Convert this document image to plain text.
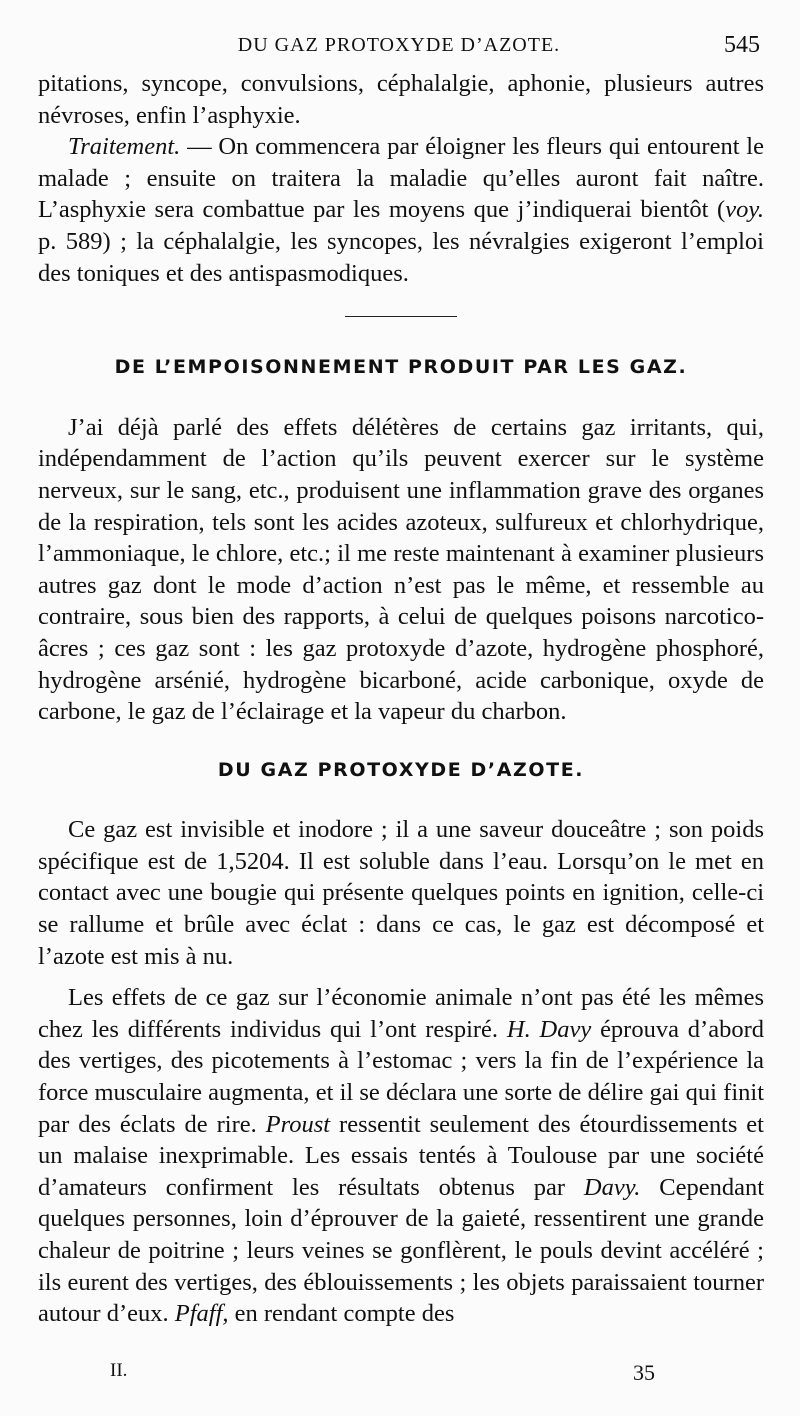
DU GAZ PROTOXYDE D’AZOTE.	545

pitations, syncope, convulsions, céphalalgie, aphonie, plusieurs autres névroses, enfin l’asphyxie.

Traitement. — On commencera par éloigner les fleurs qui entourent le malade ; ensuite on traitera la maladie qu’elles auront fait naître. L’asphyxie sera combattue par les moyens que j’indiquerai bientôt (voy. p. 589) ; la céphalalgie, les syncopes, les névralgies exigeront l’emploi des toniques et des antispasmodiques.

DE L’EMPOISONNEMENT PRODUIT PAR LES GAZ.

J’ai déjà parlé des effets délétères de certains gaz irritants, qui, indépendamment de l’action qu’ils peuvent exercer sur le système nerveux, sur le sang, etc., produisent une inflammation grave des organes de la respiration, tels sont les acides azoteux, sulfureux et chlorhydrique, l’ammoniaque, le chlore, etc.; il me reste maintenant à examiner plusieurs autres gaz dont le mode d’action n’est pas le même, et ressemble au contraire, sous bien des rapports, à celui de quelques poisons narcotico-âcres ; ces gaz sont : les gaz protoxyde d’azote, hydrogène phosphoré, hydrogène arsénié, hydrogène bicarboné, acide carbonique, oxyde de carbone, le gaz de l’éclairage et la vapeur du charbon.

DU GAZ PROTOXYDE D’AZOTE.

Ce gaz est invisible et inodore ; il a une saveur douceâtre ; son poids spécifique est de 1,5204. Il est soluble dans l’eau. Lorsqu’on le met en contact avec une bougie qui présente quelques points en ignition, celle-ci se rallume et brûle avec éclat : dans ce cas, le gaz est décomposé et l’azote est mis à nu.

Les effets de ce gaz sur l’économie animale n’ont pas été les mêmes chez les différents individus qui l’ont respiré. H. Davy éprouva d’abord des vertiges, des picotements à l’estomac ; vers la fin de l’expérience la force musculaire augmenta, et il se déclara une sorte de délire gai qui finit par des éclats de rire. Proust ressentit seulement des étourdissements et un malaise inexprimable. Les essais tentés à Toulouse par une société d’amateurs confirment les résultats obtenus par Davy. Cependant quelques personnes, loin d’éprouver de la gaieté, ressentirent une grande chaleur de poitrine ; leurs veines se gonflèrent, le pouls devint accéléré ; ils eurent des vertiges, des éblouissements ; les objets paraissaient tourner autour d’eux. Pfaff, en rendant compte des

II.	35
